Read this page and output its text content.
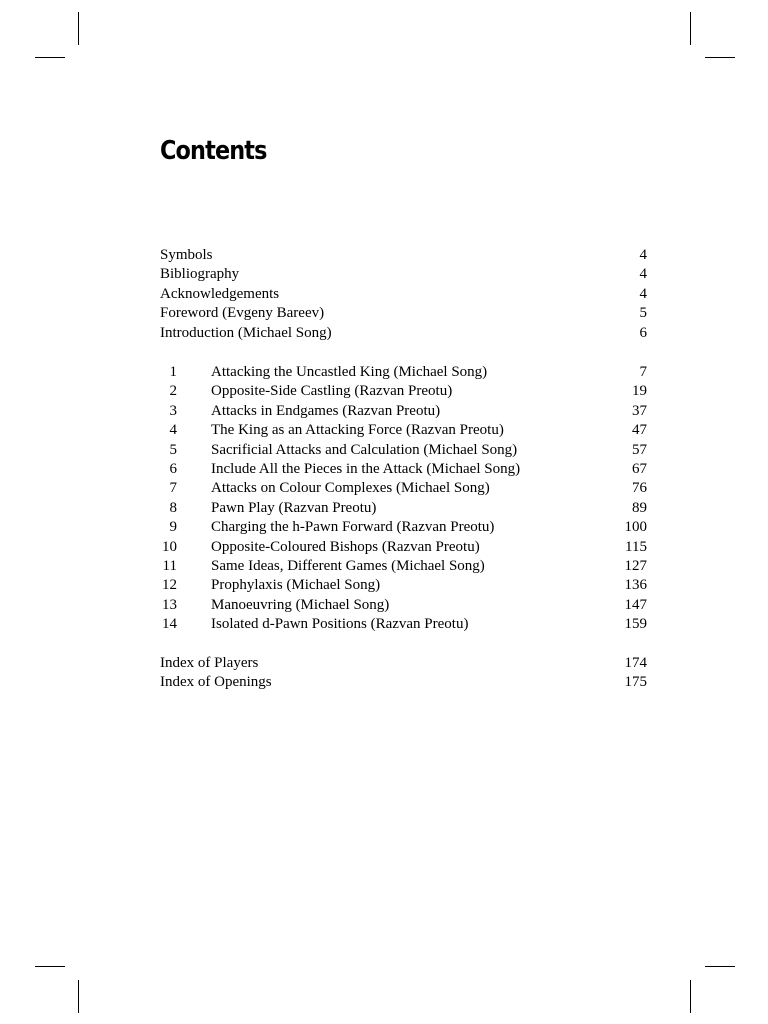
Contents
Symbols	4
Bibliography	4
Acknowledgements	4
Foreword (Evgeny Bareev)	5
Introduction (Michael Song)	6
1 Attacking the Uncastled King (Michael Song)	7
2 Opposite-Side Castling (Razvan Preotu)	19
3 Attacks in Endgames (Razvan Preotu)	37
4 The King as an Attacking Force (Razvan Preotu)	47
5 Sacrificial Attacks and Calculation (Michael Song)	57
6 Include All the Pieces in the Attack (Michael Song)	67
7 Attacks on Colour Complexes (Michael Song)	76
8 Pawn Play (Razvan Preotu)	89
9 Charging the h-Pawn Forward (Razvan Preotu)	100
10 Opposite-Coloured Bishops (Razvan Preotu)	115
11 Same Ideas, Different Games (Michael Song)	127
12 Prophylaxis (Michael Song)	136
13 Manoeuvring (Michael Song)	147
14 Isolated d-Pawn Positions (Razvan Preotu)	159
Index of Players	174
Index of Openings	175
